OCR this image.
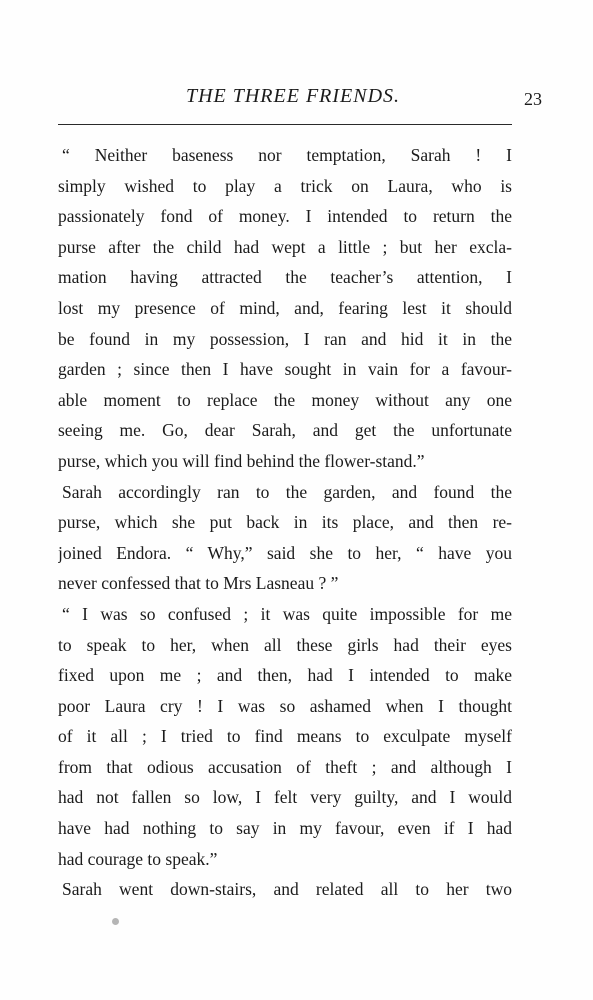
THE THREE FRIENDS.	23
“ Neither baseness nor temptation, Sarah ! I
simply wished to play a trick on Laura, who is
passionately fond of money. I intended to return the
purse after the child had wept a little ; but her excla-
mation having attracted the teacher’s attention, I
lost my presence of mind, and, fearing lest it should
be found in my possession, I ran and hid it in the
garden ; since then I have sought in vain for a favour-
able moment to replace the money without any one
seeing me. Go, dear Sarah, and get the unfortunate
purse, which you will find behind the flower-stand.”
Sarah accordingly ran to the garden, and found the
purse, which she put back in its place, and then re-
joined Endora. “ Why,” said she to her, “ have you
never confessed that to Mrs Lasneau ? ”
“ I was so confused ; it was quite impossible for me
to speak to her, when all these girls had their eyes
fixed upon me ; and then, had I intended to make
poor Laura cry ! I was so ashamed when I thought
of it all ; I tried to find means to exculpate myself
from that odious accusation of theft ; and although I
had not fallen so low, I felt very guilty, and I would
have had nothing to say in my favour, even if I had
had courage to speak.”
Sarah went down-stairs, and related all to her two
